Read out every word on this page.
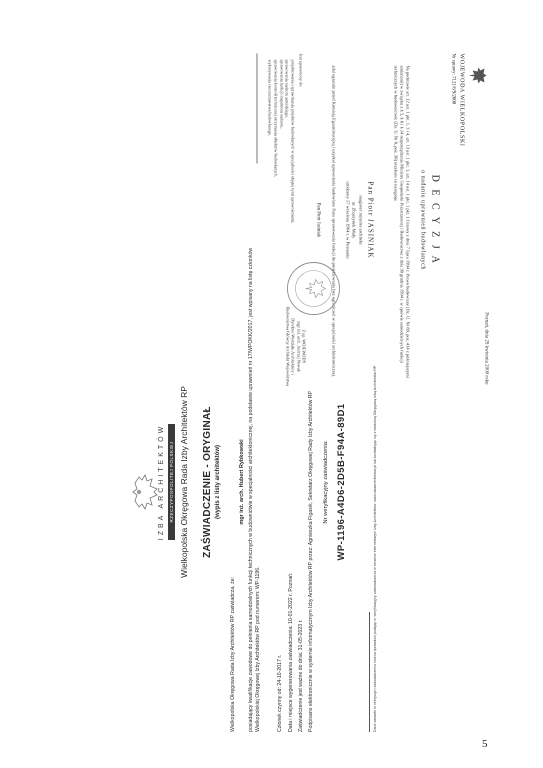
IZBA ARCHITEKTÓW RZECZYPOSPOLITEJ POLSKIEJ Wielkopolska Okręgowa Rada Izby Architektów RP ZAŚWIADCZENIE - ORYGINAŁ (wypis z listy architektów)
Wielkopolska Okręgowa Rada Izby Architektów RP zaświadcza, że:
mgr inż. arch. Hubert Rybkowski posiadający kwalifikacje zawodowe do pełnienia samodzielnych funkcji technicznych w budownictwie w specjalności architektonicznej, na podstawie uprawnień nr 17/WPOKK/2017, jest wpisany na listę członków Wielkopolskiej Okręgowej Izby Architektów RP pod numerem: WP-1196.	Członek czynny od: 24-10-2017 r. Data i miejsce wygenerowania zaświadczenia: 10-01-2022 r. Poznań. Zaświadczenie jest ważne do dnia: 31-05-2023 r. Podpisano elektronicznie w systemie informatycznym Izby Architektów RP przez: Agnieszka Figasik, Sekretarz Okręgowej Rady Izby Architektów RP Nr weryfikacyjny zaświadczenia: WP-1196-A4D6-2D5B-F94A-89D1	Dane zawarte w niniejszym zaświadczeniu można sprawdzić podając nr weryfikacyjny zaświadczenia w serwisie internetowym Izby Architektów: www.izbaarchitektow.pl lub kontaktując się z właściwą Okręgową Izbą Architektów RP.
Poznań, dnia 29 kwietnia 2000 roku
WOJEWODA WIELKOPOLSKI
Nr sprawy: 7121/6/9/2000
D E C Y Z J A
o nadaniu uprawnień budowlanych
Na podstawie art. 12 ust. 1 pkt. 1, 3 i 4, art. 13 ust. 1 pkt. 1, art. 14 ust. 1 pkt. 1 pkt. 1 Ustawy z dnia 7 lipca 1994 r. Prawo budowlane (Dz. U. Nr 89, poz. 414 z późniejszymi zmianami) w związku z § 5, § 8 i § 14 rozporządzenia Ministra Gospodarki Przestrzennej i Budownictwa z dnia 30 grudnia 1994 r. w sprawie samodzielnych funkcji technicznych w budownictwie (Dz. U. Nr 8, poz. 38) orzekam co następuje
Pan Piotr JASINIAK
magister inżynier architekt
ur. Zbąszynek Mały
urodzony 17 września 1964 r. w Poznaniu
zdał egzamin przed Komisją Egzaminacyjną i uzyskał uprawnienia budowlane Pana sprawowania funkcji do projektowania bez ograniczeń w specjalności architektonicznej.
Pan Piotr Jasiniak
Jest uprawniony do:
projektowania i sprawdzania projektów budowlanych w specjalności objętej tymi uprawnieniami,
sprawowania nadzoru autorskiego,
sprawowania funkcji inspektora nadzoru,
sprawowania kontroli technicznej utrzymania obiektów budowlanych,
wykonywania rzeczoznawstwa budowlanego.
Z up. WOJEWODY
mgr inż. arch. Andrzej Nowak
Dyrektor Wydziału Architektury i Budownictwa Główny Architekt Województwa
5
